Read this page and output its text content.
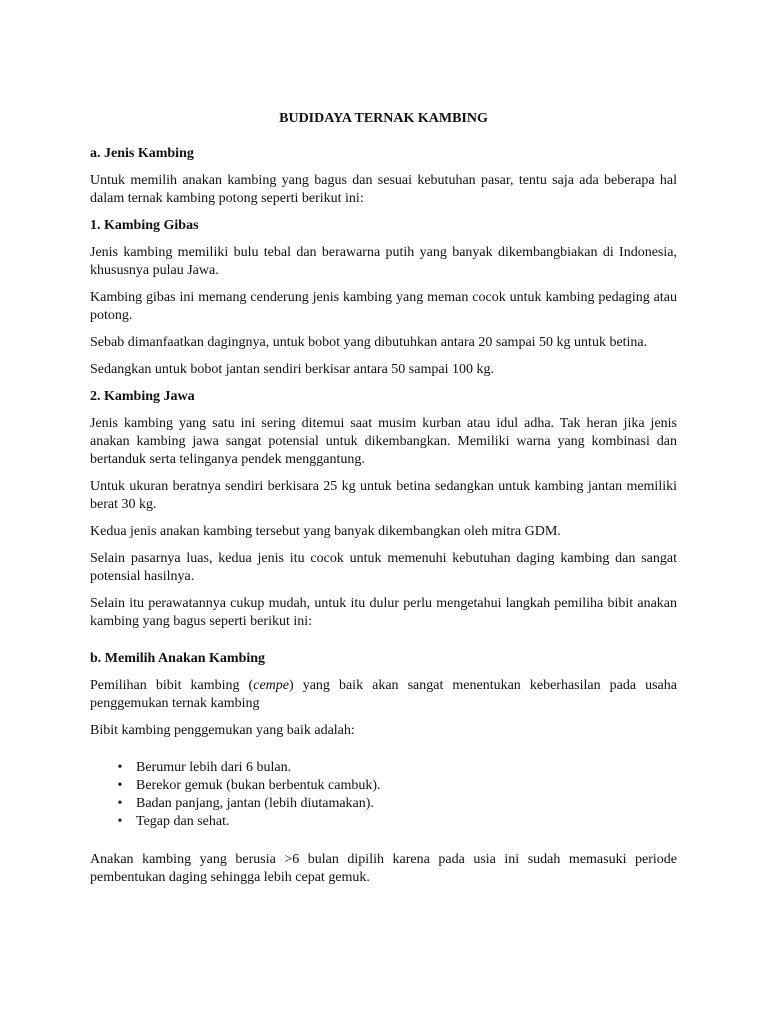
BUDIDAYA TERNAK KAMBING
a. Jenis Kambing

Untuk memilih anakan kambing yang bagus dan sesuai kebutuhan pasar, tentu saja ada beberapa hal dalam ternak kambing potong seperti berikut ini:

1. Kambing Gibas

Jenis kambing memiliki bulu tebal dan berawarna putih yang banyak dikembangbiakan di Indonesia, khususnya pulau Jawa.

Kambing gibas ini memang cenderung jenis kambing yang meman cocok untuk kambing pedaging atau potong.

Sebab dimanfaatkan dagingnya, untuk bobot yang dibutuhkan antara 20 sampai 50 kg untuk betina.

Sedangkan untuk bobot jantan sendiri berkisar antara 50 sampai 100 kg.

2. Kambing Jawa

Jenis kambing yang satu ini sering ditemui saat musim kurban atau idul adha. Tak heran jika jenis anakan kambing jawa sangat potensial untuk dikembangkan. Memiliki warna yang kombinasi dan bertanduk serta telinganya pendek menggantung.

Untuk ukuran beratnya sendiri berkisara 25 kg untuk betina sedangkan untuk kambing jantan memiliki berat 30 kg.

Kedua jenis anakan kambing tersebut yang banyak dikembangkan oleh mitra GDM.

Selain pasarnya luas, kedua jenis itu cocok untuk memenuhi kebutuhan daging kambing dan sangat potensial hasilnya.

Selain itu perawatannya cukup mudah, untuk itu dulur perlu mengetahui langkah pemiliha bibit anakan kambing yang bagus seperti berikut ini:

b. Memilih Anakan Kambing

Pemilihan bibit kambing (cempe) yang baik akan sangat menentukan keberhasilan pada usaha penggemukan ternak kambing

Bibit kambing penggemukan yang baik adalah:

• Berumur lebih dari 6 bulan.
• Berekor gemuk (bukan berbentuk cambuk).
• Badan panjang, jantan (lebih diutamakan).
• Tegap dan sehat.

Anakan kambing yang berusia >6 bulan dipilih karena pada usia ini sudah memasuki periode pembentukan daging sehingga lebih cepat gemuk.
